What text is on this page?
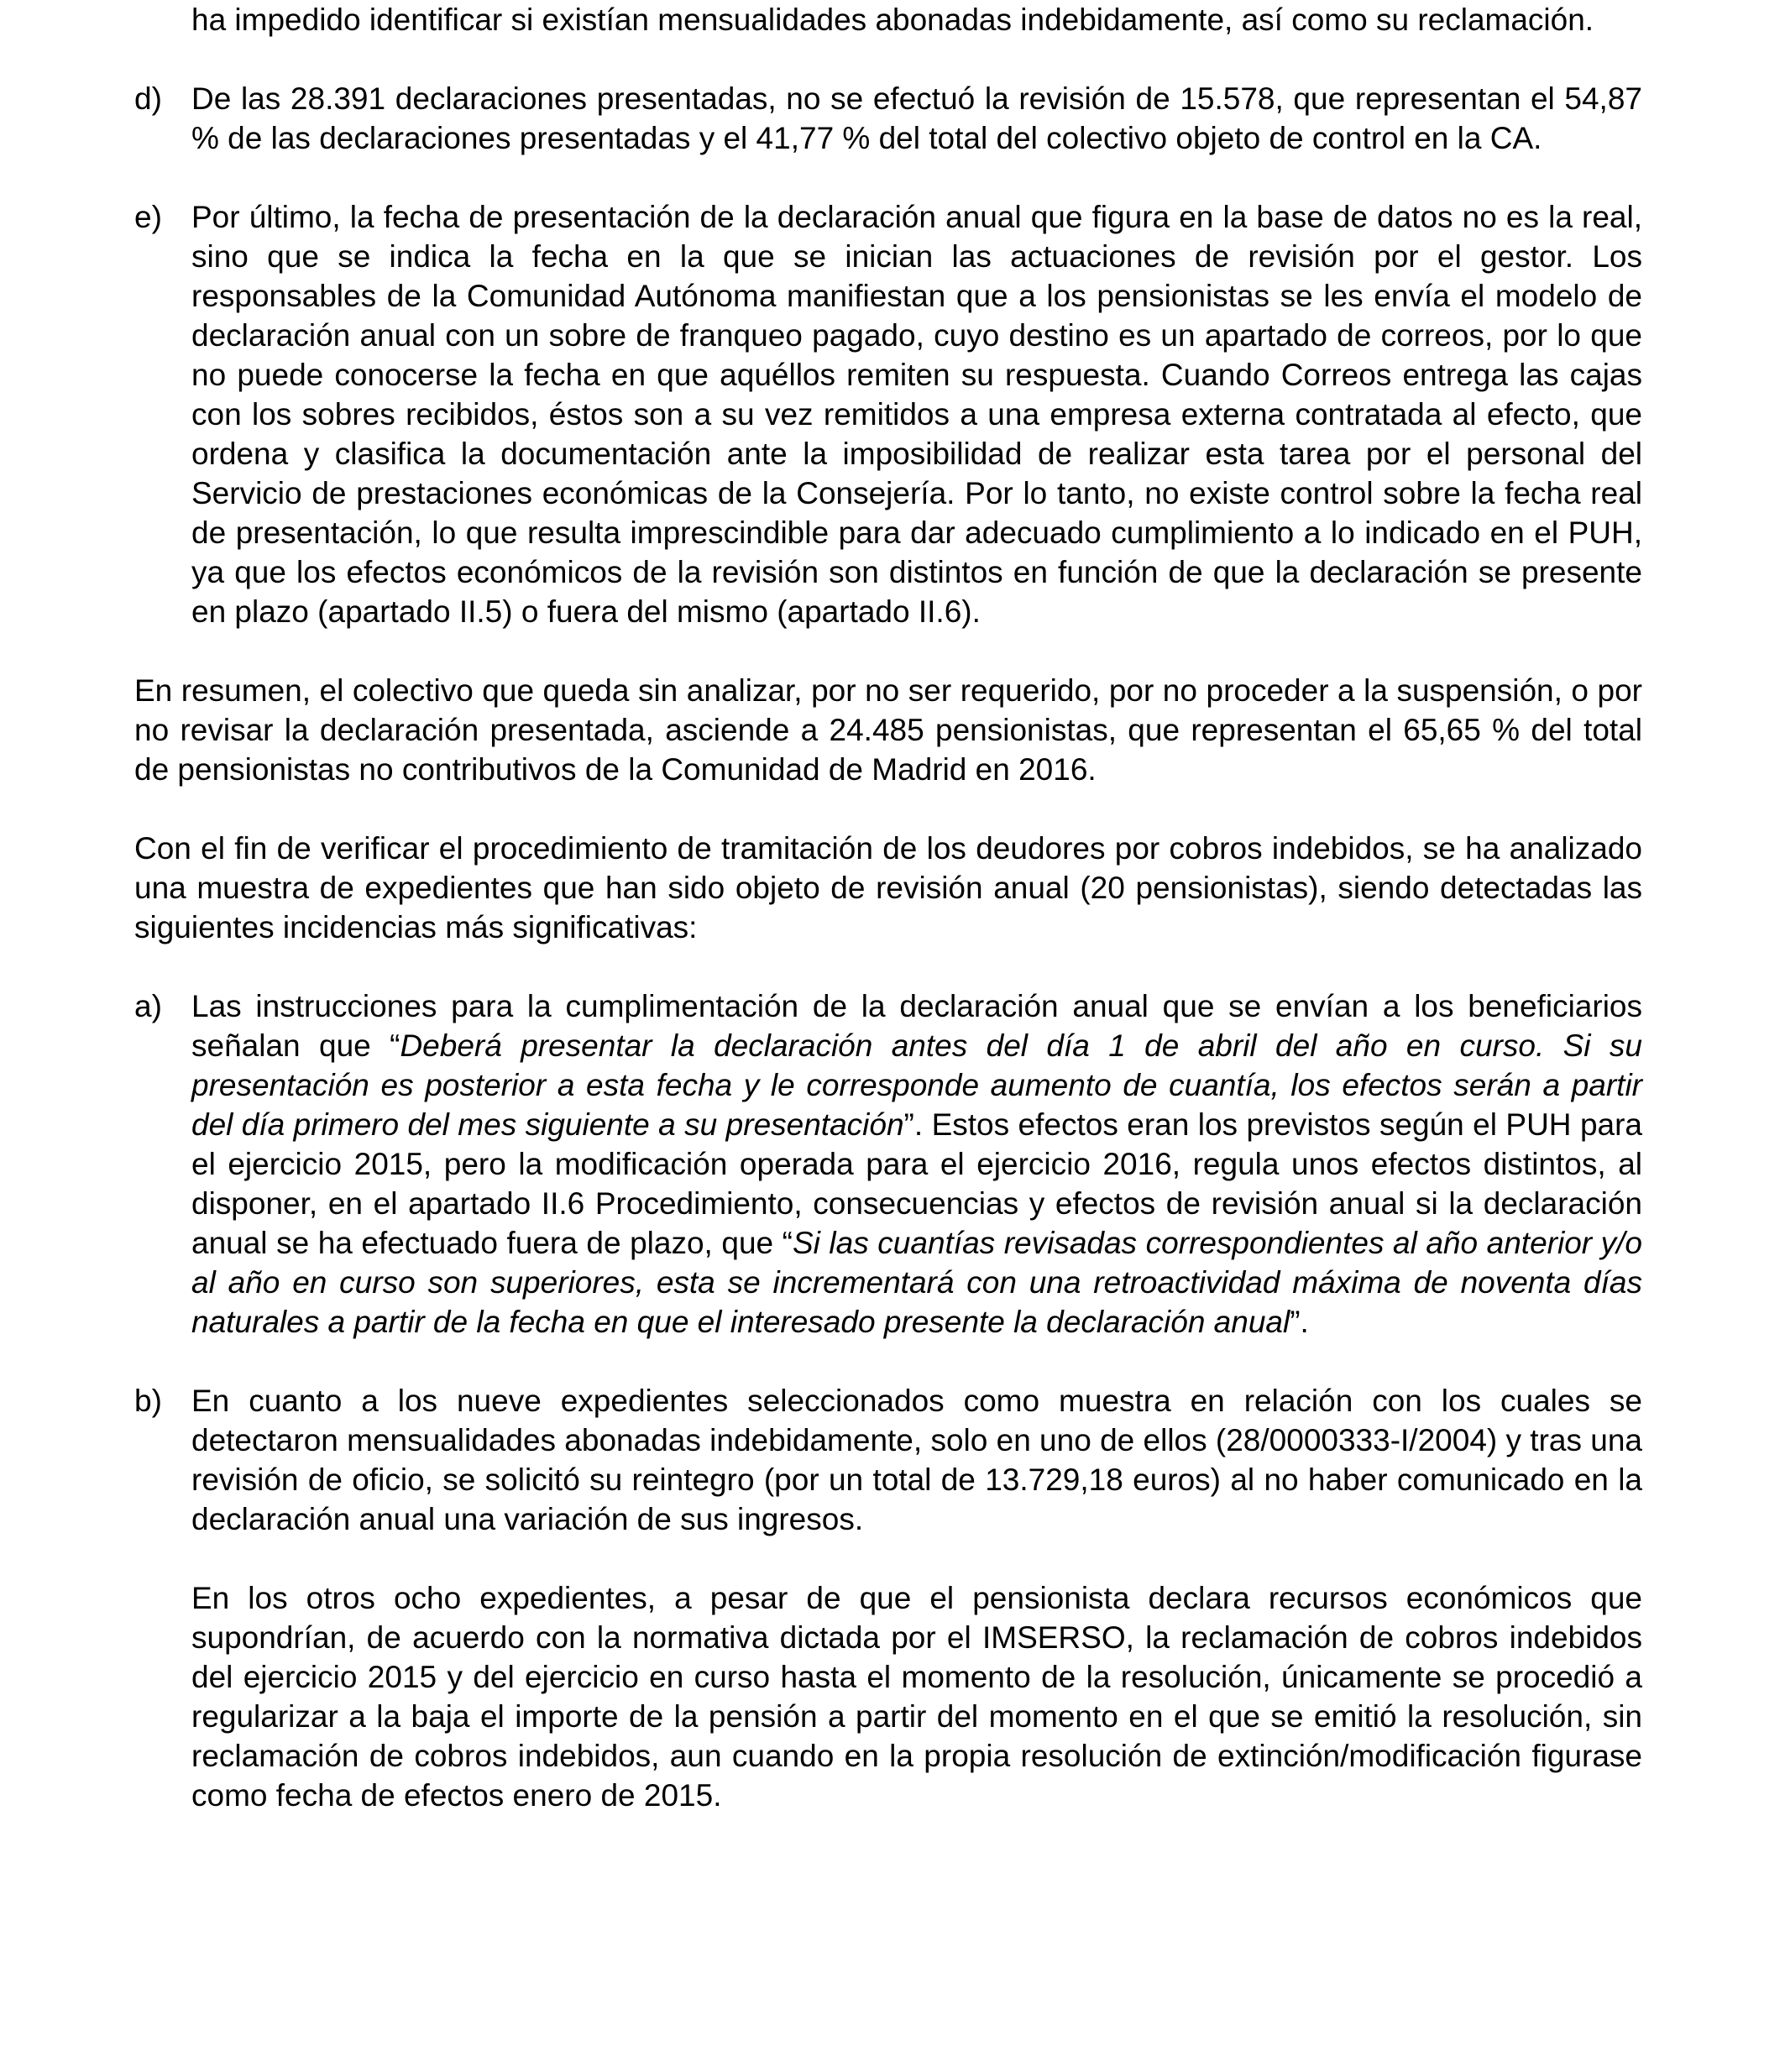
ha impedido identificar si existían mensualidades abonadas indebidamente, así como su reclamación.

d) De las 28.391 declaraciones presentadas, no se efectuó la revisión de 15.578, que representan el 54,87 % de las declaraciones presentadas y el 41,77 % del total del colectivo objeto de control en la CA.
e) Por último, la fecha de presentación de la declaración anual que figura en la base de datos no es la real, sino que se indica la fecha en la que se inician las actuaciones de revisión por el gestor. Los responsables de la Comunidad Autónoma manifiestan que a los pensionistas se les envía el modelo de declaración anual con un sobre de franqueo pagado, cuyo destino es un apartado de correos, por lo que no puede conocerse la fecha en que aquéllos remiten su respuesta. Cuando Correos entrega las cajas con los sobres recibidos, éstos son a su vez remitidos a una empresa externa contratada al efecto, que ordena y clasifica la documentación ante la imposibilidad de realizar esta tarea por el personal del Servicio de prestaciones económicas de la Consejería. Por lo tanto, no existe control sobre la fecha real de presentación, lo que resulta imprescindible para dar adecuado cumplimiento a lo indicado en el PUH, ya que los efectos económicos de la revisión son distintos en función de que la declaración se presente en plazo (apartado II.5) o fuera del mismo (apartado II.6).

En resumen, el colectivo que queda sin analizar, por no ser requerido, por no proceder a la suspensión, o por no revisar la declaración presentada, asciende a 24.485 pensionistas, que representan el 65,65 % del total de pensionistas no contributivos de la Comunidad de Madrid en 2016.

Con el fin de verificar el procedimiento de tramitación de los deudores por cobros indebidos, se ha analizado una muestra de expedientes que han sido objeto de revisión anual (20 pensionistas), siendo detectadas las siguientes incidencias más significativas:

a) Las instrucciones para la cumplimentación de la declaración anual que se envían a los beneficiarios señalan que “Deberá presentar la declaración antes del día 1 de abril del año en curso. Si su presentación es posterior a esta fecha y le corresponde aumento de cuantía, los efectos serán a partir del día primero del mes siguiente a su presentación”. Estos efectos eran los previstos según el PUH para el ejercicio 2015, pero la modificación operada para el ejercicio 2016, regula unos efectos distintos, al disponer, en el apartado II.6 Procedimiento, consecuencias y efectos de revisión anual si la declaración anual se ha efectuado fuera de plazo, que “Si las cuantías revisadas correspondientes al año anterior y/o al año en curso son superiores, esta se incrementará con una retroactividad máxima de noventa días naturales a partir de la fecha en que el interesado presente la declaración anual”.
b) En cuanto a los nueve expedientes seleccionados como muestra en relación con los cuales se detectaron mensualidades abonadas indebidamente, solo en uno de ellos (28/0000333-I/2004) y tras una revisión de oficio, se solicitó su reintegro (por un total de 13.729,18 euros) al no haber comunicado en la declaración anual una variación de sus ingresos.

En los otros ocho expedientes, a pesar de que el pensionista declara recursos económicos que supondrían, de acuerdo con la normativa dictada por el IMSERSO, la reclamación de cobros indebidos del ejercicio 2015 y del ejercicio en curso hasta el momento de la resolución, únicamente se procedió a regularizar a la baja el importe de la pensión a partir del momento en el que se emitió la resolución, sin reclamación de cobros indebidos, aun cuando en la propia resolución de extinción/modificación figurase como fecha de efectos enero de 2015.
